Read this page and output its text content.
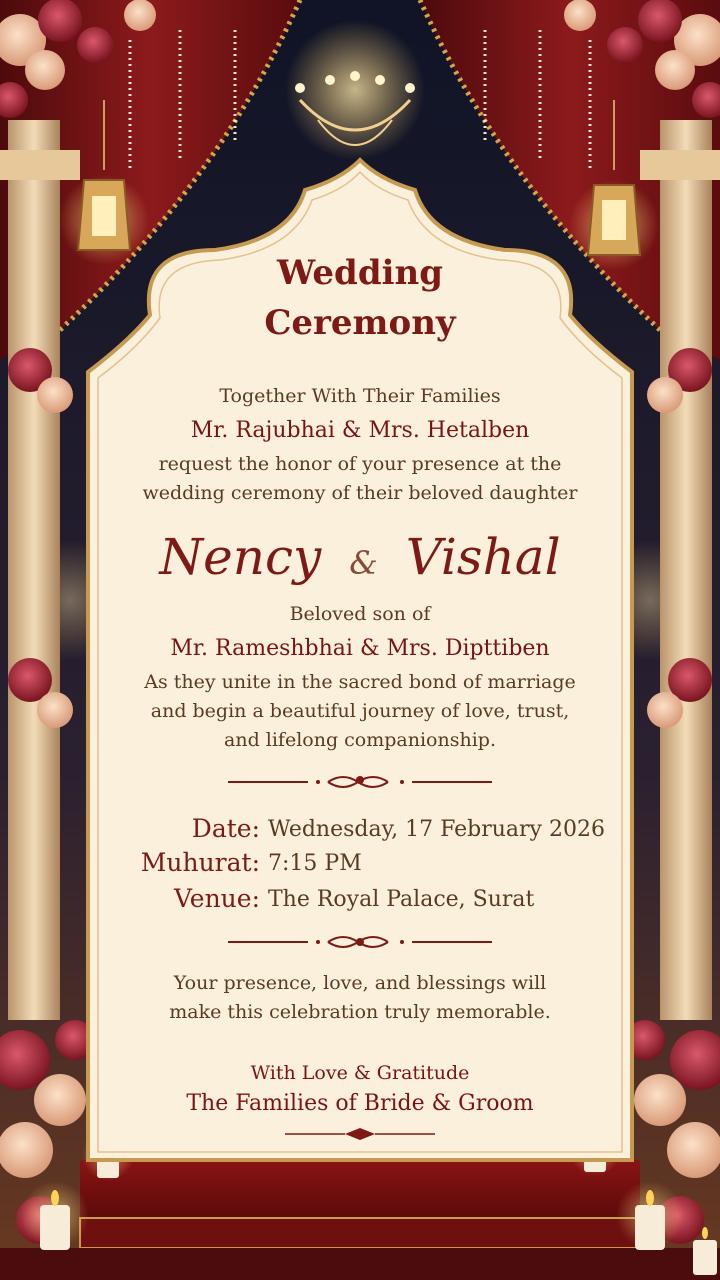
Wedding
Ceremony
Together With Their Families
Mr. Rajubhai & Mrs. Hetalben
request the honor of your presence at the
wedding ceremony of their beloved daughter
Nency & Vishal
Beloved son of
Mr. Rameshbhai & Mrs. Dipttiben
As they unite in the sacred bond of marriage
and begin a beautiful journey of love, trust,
and lifelong companionship.
Date: Wednesday, 17 February 2026
Muhurat: 7:15 PM
Venue: The Royal Palace, Surat
Your presence, love, and blessings will
make this celebration truly memorable.
With Love & Gratitude
The Families of Bride & Groom
